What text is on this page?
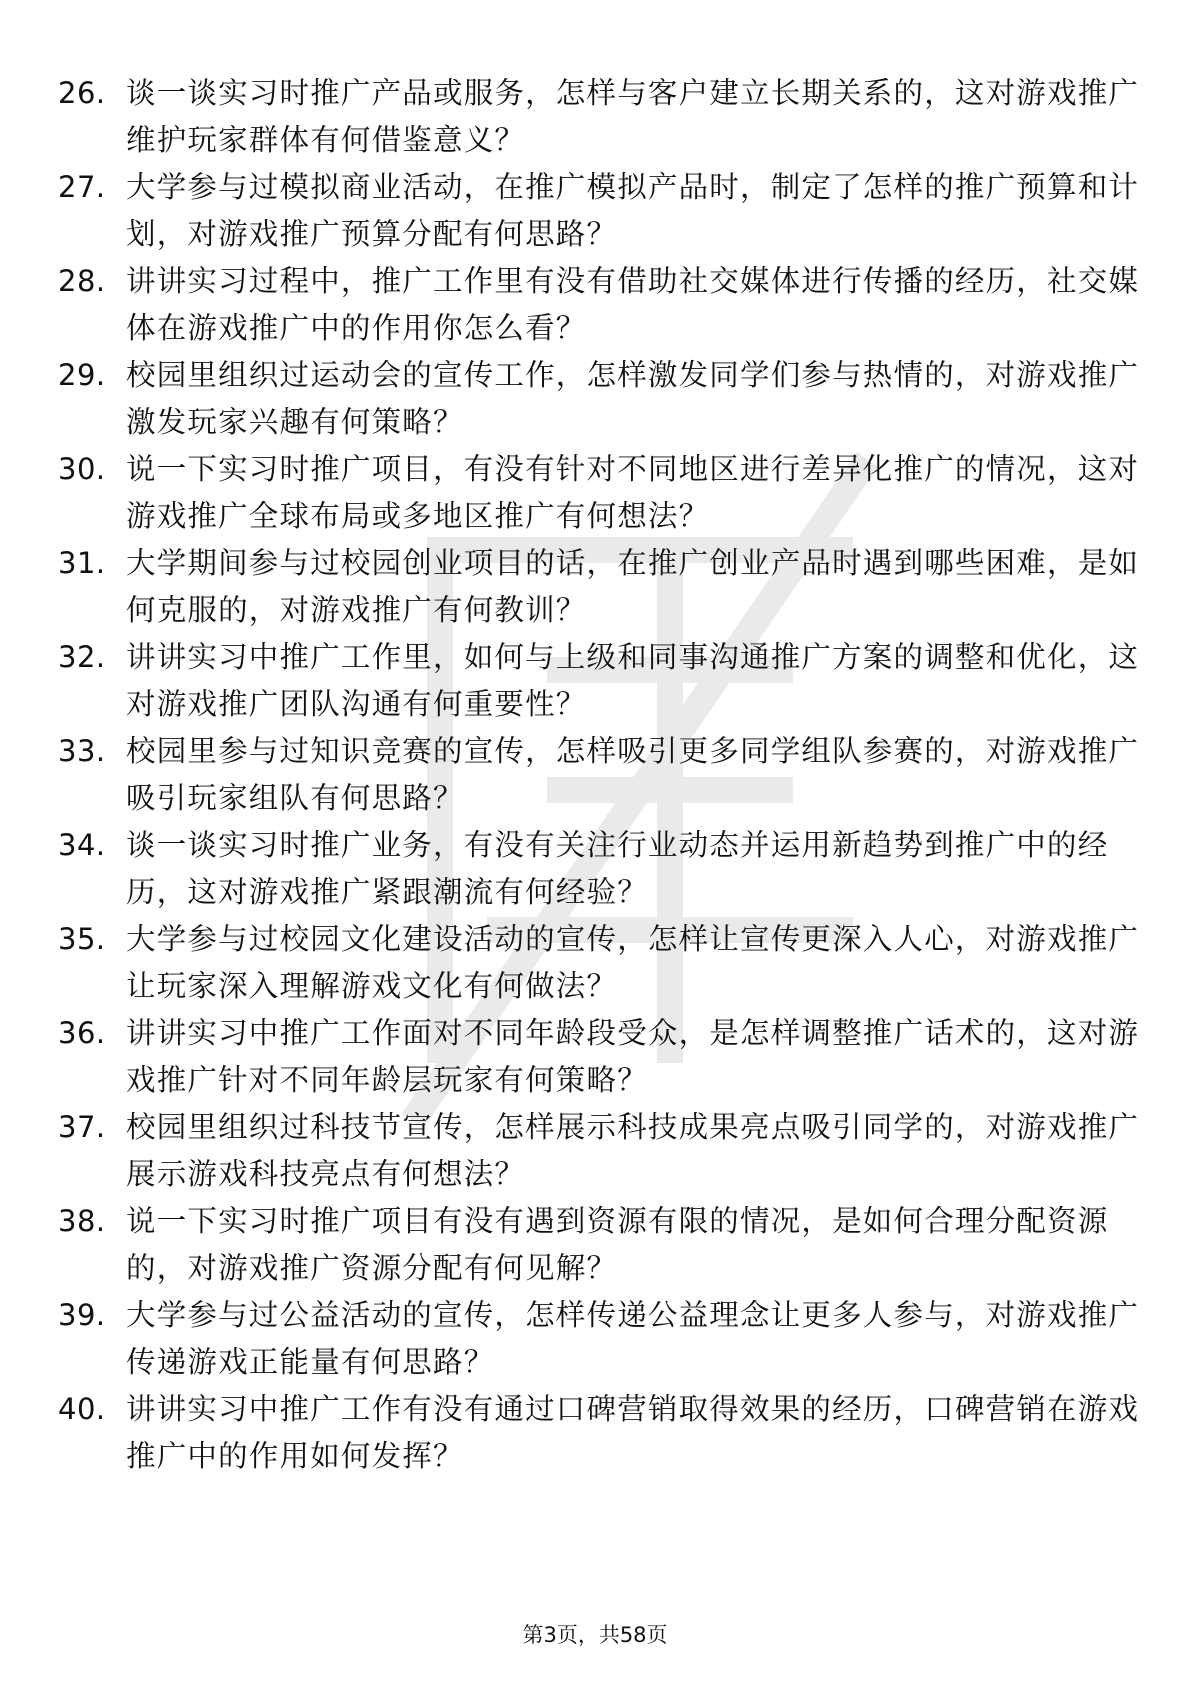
26. 谈一谈实习时推广产品或服务，怎样与客户建立长期关系的，这对游戏推广维护玩家群体有何借鉴意义？
27. 大学参与过模拟商业活动，在推广模拟产品时，制定了怎样的推广预算和计划，对游戏推广预算分配有何思路？
28. 讲讲实习过程中，推广工作里有没有借助社交媒体进行传播的经历，社交媒体在游戏推广中的作用你怎么看？
29. 校园里组织过运动会的宣传工作，怎样激发同学们参与热情的，对游戏推广激发玩家兴趣有何策略？
30. 说一下实习时推广项目，有没有针对不同地区进行差异化推广的情况，这对游戏推广全球布局或多地区推广有何想法？
31. 大学期间参与过校园创业项目的话，在推广创业产品时遇到哪些困难，是如何克服的，对游戏推广有何教训？
32. 讲讲实习中推广工作里，如何与上级和同事沟通推广方案的调整和优化，这对游戏推广团队沟通有何重要性？
33. 校园里参与过知识竞赛的宣传，怎样吸引更多同学组队参赛的，对游戏推广吸引玩家组队有何思路？
34. 谈一谈实习时推广业务，有没有关注行业动态并运用新趋势到推广中的经历，这对游戏推广紧跟潮流有何经验？
35. 大学参与过校园文化建设活动的宣传，怎样让宣传更深入人心，对游戏推广让玩家深入理解游戏文化有何做法？
36. 讲讲实习中推广工作面对不同年龄段受众，是怎样调整推广话术的，这对游戏推广针对不同年龄层玩家有何策略？
37. 校园里组织过科技节宣传，怎样展示科技成果亮点吸引同学的，对游戏推广展示游戏科技亮点有何想法？
38. 说一下实习时推广项目有没有遇到资源有限的情况，是如何合理分配资源的，对游戏推广资源分配有何见解？
39. 大学参与过公益活动的宣传，怎样传递公益理念让更多人参与，对游戏推广传递游戏正能量有何思路？
40. 讲讲实习中推广工作有没有通过口碑营销取得效果的经历，口碑营销在游戏推广中的作用如何发挥？
第3页，共58页
